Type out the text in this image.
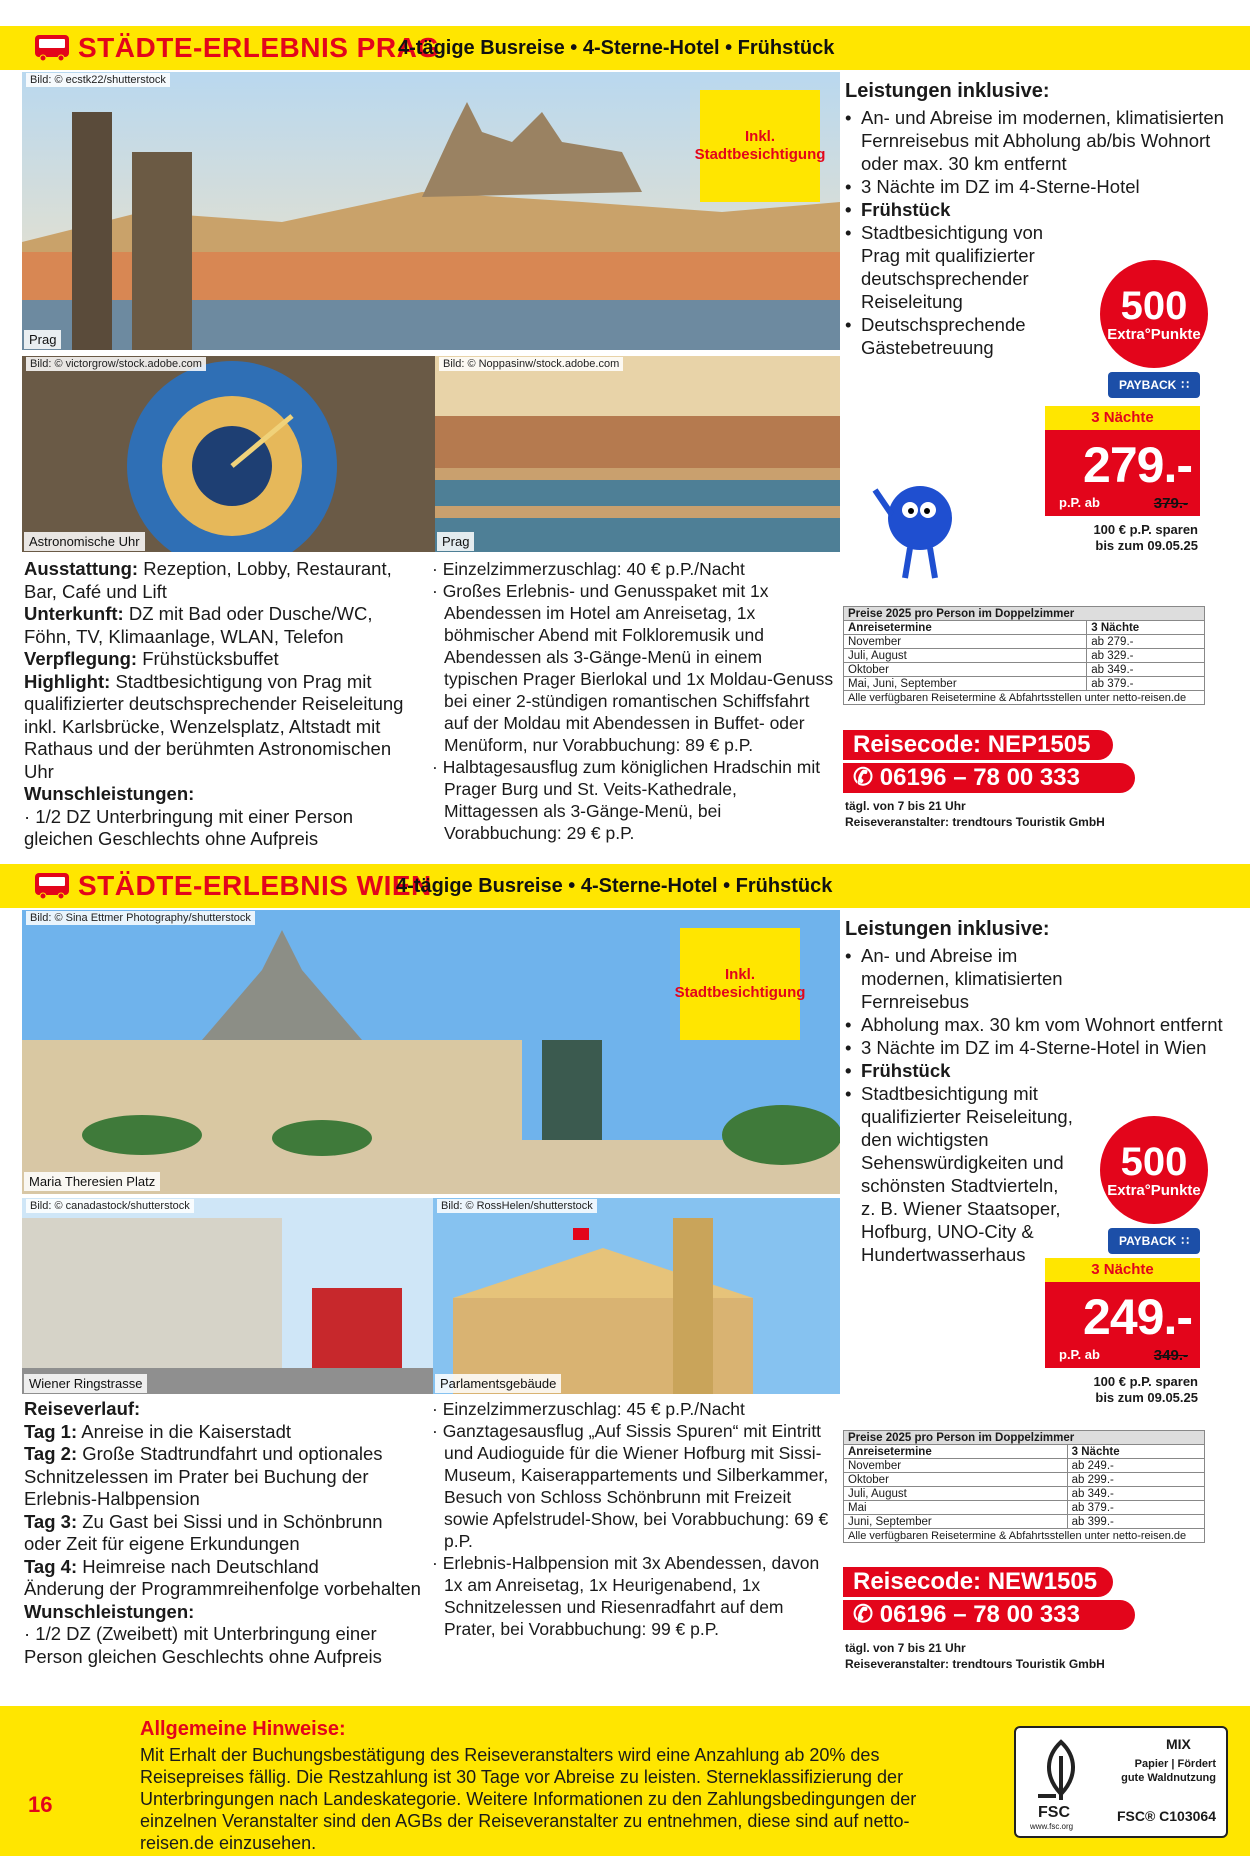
STÄDTE-ERLEBNIS PRAG
4-tägige Busreise • 4-Sterne-Hotel • Frühstück
Bild: © ecstk22/shutterstock
Prag
Inkl.
Stadtbesichtigung
Bild: © victorgrow/stock.adobe.com
Astronomische Uhr
Bild: © Noppasinw/stock.adobe.com
Prag
Leistungen inklusive:
• An- und Abreise im modernen, klimatisierten Fernreisebus mit Abholung ab/bis Wohnort oder max. 30 km entfernt
• 3 Nächte im DZ im 4-Sterne-Hotel
• Frühstück
• Stadtbesichtigung von Prag mit qualifizierter deutschsprechender Reiseleitung
• Deutschsprechende Gästebetreuung
500
Extra°Punkte
PAYBACK ∷
3 Nächte
279.-
p.P. ab	379.-
100 € p.P. sparen
bis zum 09.05.25

Ausstattung: Rezeption, Lobby, Restaurant, Bar, Café und Lift

Unterkunft: DZ mit Bad oder Dusche/WC, Föhn, TV, Klimaanlage, WLAN, Telefon

Verpflegung: Frühstücksbuffet

Highlight: Stadtbesichtigung von Prag mit qualifizierter deutschsprechender Reiseleitung inkl. Karlsbrücke, Wenzelsplatz, Altstadt mit Rathaus und der berühmten Astronomischen Uhr

Wunschleistungen:

· 1/2 DZ Unterbringung mit einer Person gleichen Geschlechts ohne Aufpreis

· Einzelzimmerzuschlag: 40 € p.P./Nacht

· Großes Erlebnis- und Genusspaket mit 1x Abendessen im Hotel am Anreisetag, 1x böhmischer Abend mit Folkloremusik und Abendessen als 3-Gänge-Menü in einem typischen Prager Bierlokal und 1x Moldau-Genuss bei einer 2-stündigen romantischen Schiffsfahrt auf der Moldau mit Abendessen in Buffet- oder Menüform, nur Vorabbuchung: 89 € p.P.

· Halbtagesausflug zum königlichen Hradschin mit Prager Burg und St. Veits-Kathedrale, Mittagessen als 3-Gänge-Menü, bei Vorabbuchung: 29 € p.P.

Preise 2025 pro Person im Doppelzimmer	
Anreisetermine	3 Nächte
November	ab 279.-
Juli, August	ab 329.-
Oktober	ab 349.-
Mai, Juni, September	ab 379.-
Alle verfügbaren Reisetermine & Abfahrtsstellen unter netto-reisen.de	
Reisecode: NEP1505
✆ 06196 – 78 00 333
tägl. von 7 bis 21 Uhr
Reiseveranstalter: trendtours Touristik GmbH
STÄDTE-ERLEBNIS WIEN
4-tägige Busreise • 4-Sterne-Hotel • Frühstück
Bild: © Sina Ettmer Photography/shutterstock
Maria Theresien Platz
Inkl.
Stadtbesichtigung
Bild: © canadastock/shutterstock
Wiener Ringstrasse
Bild: © RossHelen/shutterstock
Parlamentsgebäude
Leistungen inklusive:
• An- und Abreise im modernen, klimatisierten Fernreisebus
• Abholung max. 30 km vom Wohnort entfernt
• 3 Nächte im DZ im 4-Sterne-Hotel in Wien
• Frühstück
• Stadtbesichtigung mit qualifizierter Reiseleitung, den wichtigsten Sehenswürdigkeiten und schönsten Stadtvierteln, z. B. Wiener Staatsoper, Hofburg, UNO-City & Hundertwasserhaus
500
Extra°Punkte
PAYBACK ∷
3 Nächte
249.-
p.P. ab	349.-
100 € p.P. sparen
bis zum 09.05.25

Reiseverlauf:

Tag 1: Anreise in die Kaiserstadt

Tag 2: Große Stadtrundfahrt und optionales Schnitzelessen im Prater bei Buchung der Erlebnis-Halbpension

Tag 3: Zu Gast bei Sissi und in Schönbrunn oder Zeit für eigene Erkundungen

Tag 4: Heimreise nach Deutschland

Änderung der Programmreihenfolge vorbehalten

Wunschleistungen:

· 1/2 DZ (Zweibett) mit Unterbringung einer Person gleichen Geschlechts ohne Aufpreis

· Einzelzimmerzuschlag: 45 € p.P./Nacht

· Ganztagesausflug „Auf Sissis Spuren“ mit Eintritt und Audioguide für die Wiener Hofburg mit Sissi-Museum, Kaiserappartements und Silberkammer, Besuch von Schloss Schönbrunn mit Freizeit sowie Apfelstrudel-Show, bei Vorabbuchung: 69 € p.P.

· Erlebnis-Halbpension mit 3x Abendessen, davon 1x am Anreisetag, 1x Heurigenabend, 1x Schnitzelessen und Riesenradfahrt auf dem Prater, bei Vorabbuchung: 99 € p.P.

Preise 2025 pro Person im Doppelzimmer	
Anreisetermine	3 Nächte
November	ab 249.-
Oktober	ab 299.-
Juli, August	ab 349.-
Mai	ab 379.-
Juni, September	ab 399.-
Alle verfügbaren Reisetermine & Abfahrtsstellen unter netto-reisen.de	
Reisecode: NEW1505
✆ 06196 – 78 00 333
tägl. von 7 bis 21 Uhr
Reiseveranstalter: trendtours Touristik GmbH
Allgemeine Hinweise:
Mit Erhalt der Buchungsbestätigung des Reiseveranstalters wird eine Anzahlung ab 20% des Reisepreises fällig. Die Restzahlung ist 30 Tage vor Abreise zu leisten. Sterneklassifizierung der Unterbringungen nach Landeskategorie. Weitere Informationen zu den Zahlungsbedingungen der einzelnen Veranstalter sind den AGBs der Reiseveranstalter zu entnehmen, diese sind auf netto-reisen.de einzusehen.
16	FSC
www.fsc.org
MIX
Papier | Fördert
gute Waldnutzung
FSC® C103064
